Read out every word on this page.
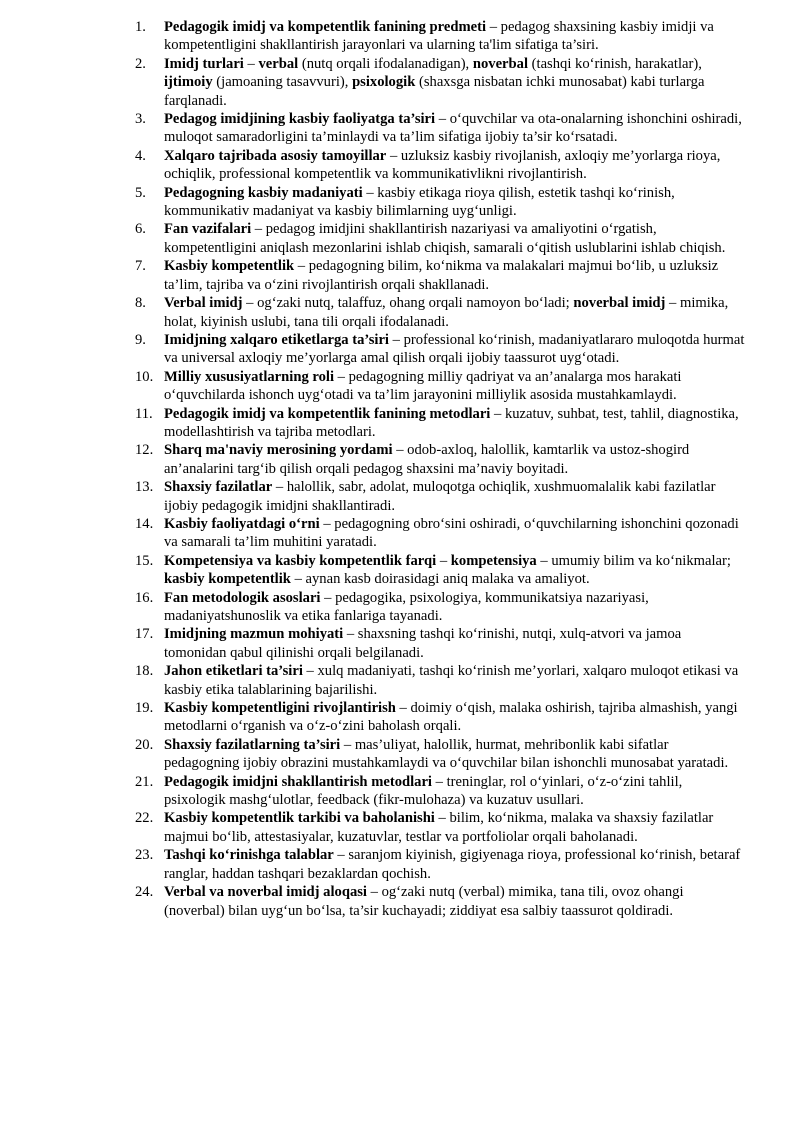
1.	Pedagogik imidj va kompetentlik fanining predmeti – pedagog shaxsining kasbiy imidji va kompetentligini shakllantirish jarayonlari va ularning ta'lim sifatiga ta’siri.
2.	Imidj turlari – verbal (nutq orqali ifodalanadigan), noverbal (tashqi ko‘rinish, harakatlar), ijtimoiy (jamoaning tasavvuri), psixologik (shaxsga nisbatan ichki munosabat) kabi turlarga farqlanadi.
3.	Pedagog imidjining kasbiy faoliyatga ta’siri – o‘quvchilar va ota-onalarning ishonchini oshiradi, muloqot samaradorligini ta’minlaydi va ta’lim sifatiga ijobiy ta’sir ko‘rsatadi.
4.	Xalqaro tajribada asosiy tamoyillar – uzluksiz kasbiy rivojlanish, axloqiy me’yorlarga rioya, ochiqlik, professional kompetentlik va kommunikativlikni rivojlantirish.
5.	Pedagogning kasbiy madaniyati – kasbiy etikaga rioya qilish, estetik tashqi ko‘rinish, kommunikativ madaniyat va kasbiy bilimlarning uyg‘unligi.
6.	Fan vazifalari – pedagog imidjini shakllantirish nazariyasi va amaliyotini o‘rgatish, kompetentligini aniqlash mezonlarini ishlab chiqish, samarali o‘qitish uslublarini ishlab chiqish.
7.	Kasbiy kompetentlik – pedagogning bilim, ko‘nikma va malakalari majmui bo‘lib, u uzluksiz ta’lim, tajriba va o‘zini rivojlantirish orqali shakllanadi.
8.	Verbal imidj – og‘zaki nutq, talaffuz, ohang orqali namoyon bo‘ladi; noverbal imidj – mimika, holat, kiyinish uslubi, tana tili orqali ifodalanadi.
9.	Imidjning xalqaro etiketlarga ta’siri – professional ko‘rinish, madaniyatlararo muloqotda hurmat va universal axloqiy me’yorlarga amal qilish orqali ijobiy taassurot uyg‘otadi.
10. Milliy xususiyatlarning roli – pedagogning milliy qadriyat va an’analarga mos harakati o‘quvchilarda ishonch uyg‘otadi va ta’lim jarayonini milliylik asosida mustahkamlaydi.
11. Pedagogik imidj va kompetentlik fanining metodlari – kuzatuv, suhbat, test, tahlil, diagnostika, modellashtirish va tajriba metodlari.
12. Sharq ma'naviy merosining yordami – odob-axloq, halollik, kamtarlik va ustoz-shogird an’analarini targ‘ib qilish orqali pedagog shaxsini ma’naviy boyitadi.
13. Shaxsiy fazilatlar – halollik, sabr, adolat, muloqotga ochiqlik, xushmuomalalik kabi fazilatlar ijobiy pedagogik imidjni shakllantiradi.
14. Kasbiy faoliyatdagi o‘rni – pedagogning obro‘sini oshiradi, o‘quvchilarning ishonchini qozonadi va samarali ta’lim muhitini yaratadi.
15. Kompetensiya va kasbiy kompetentlik farqi – kompetensiya – umumiy bilim va ko‘nikmalar; kasbiy kompetentlik – aynan kasb doirasidagi aniq malaka va amaliyot.
16. Fan metodologik asoslari – pedagogika, psixologiya, kommunikatsiya nazariyasi, madaniyatshunoslik va etika fanlariga tayanadi.
17. Imidjning mazmun mohiyati – shaxsning tashqi ko‘rinishi, nutqi, xulq-atvori va jamoa tomonidan qabul qilinishi orqali belgilanadi.
18. Jahon etiketlari ta’siri – xulq madaniyati, tashqi ko‘rinish me’yorlari, xalqaro muloqot etikasi va kasbiy etika talablarining bajarilishi.
19. Kasbiy kompetentligini rivojlantirish – doimiy o‘qish, malaka oshirish, tajriba almashish, yangi metodlarni o‘rganish va o‘z-o‘zini baholash orqali.
20. Shaxsiy fazilatlarning ta’siri – mas’uliyat, halollik, hurmat, mehribonlik kabi sifatlar pedagogning ijobiy obrazini mustahkamlaydi va o‘quvchilar bilan ishonchli munosabat yaratadi.
21. Pedagogik imidjni shakllantirish metodlari – treninglar, rol o‘yinlari, o‘z-o‘zini tahlil, psixologik mashg‘ulotlar, feedback (fikr-mulohaza) va kuzatuv usullari.
22. Kasbiy kompetentlik tarkibi va baholanishi – bilim, ko‘nikma, malaka va shaxsiy fazilatlar majmui bo‘lib, attestasiyalar, kuzatuvlar, testlar va portfoliolar orqali baholanadi.
23. Tashqi ko‘rinishga talablar – saranjom kiyinish, gigiyenaga rioya, professional ko‘rinish, betaraf ranglar, haddan tashqari bezaklardan qochish.
24. Verbal va noverbal imidj aloqasi – og‘zaki nutq (verbal) mimika, tana tili, ovoz ohangi (noverbal) bilan uyg‘un bo‘lsa, ta’sir kuchayadi; ziddiyat esa salbiy taassurot qoldiradi.
